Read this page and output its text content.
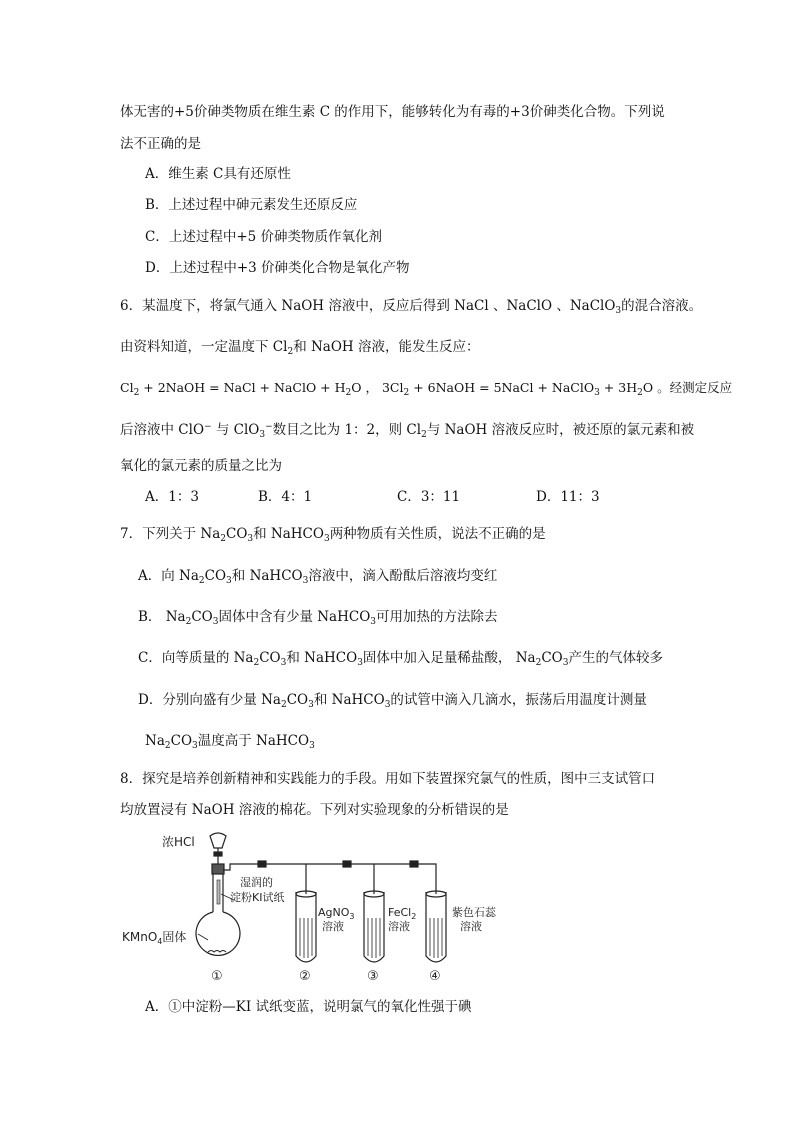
体无害的+5价砷类物质在维生素 C 的作用下，能够转化为有毒的+3价砷类化合物。下列说
法不正确的是
A．维生素 C具有还原性
B．上述过程中砷元素发生还原反应
C．上述过程中+5 价砷类物质作氧化剂
D．上述过程中+3 价砷类化合物是氧化产物
6．某温度下，将氯气通入 NaOH 溶液中，反应后得到 NaCl 、NaClO 、NaClO$_3$的混合溶液。
由资料知道，一定温度下 $Cl_2$和 NaOH 溶液，能发生反应：
$Cl_2$ + 2NaOH = NaCl + NaClO + $H_2O$ ， $3Cl_2$ + 6NaOH = 5NaCl + NaClO$_3$ + $3H_2O$ 。经测定反应
后溶液中 ClO− 与 ClO$_3$−数目之比为 1：2，则 $Cl_2$与 NaOH 溶液反应时，被还原的氯元素和被
氧化的氯元素的质量之比为
A．1：3	B．4：1	C．3：11	D．11：3
7．下列关于 $Na_2CO_3$和 NaHCO$_3$两种物质有关性质，说法不正确的是
A．向 $Na_2CO_3$和 NaHCO$_3$溶液中，滴入酚酞后溶液均变红
B． $Na_2CO_3$固体中含有少量 NaHCO$_3$可用加热的方法除去
C．向等质量的 $Na_2CO_3$和 NaHCO$_3$固体中加入足量稀盐酸， $Na_2CO_3$产生的气体较多
D．分别向盛有少量 $Na_2CO_3$和 NaHCO$_3$的试管中滴入几滴水，振荡后用温度计测量
$Na_2CO_3$温度高于 NaHCO$_3$
8．探究是培养创新精神和实践能力的手段。用如下装置探究氯气的性质，图中三支试管口
均放置浸有 NaOH 溶液的棉花。下列对实验现象的分析错误的是
浓HCl
湿润的
淀粉KI试纸
KMnO$_4$固体
AgNO$_3$
溶液
FeCl$_2$
溶液
紫色石蕊
溶液
①	②	③	④
A．①中淀粉—KI 试纸变蓝，说明氯气的氧化性强于碘
